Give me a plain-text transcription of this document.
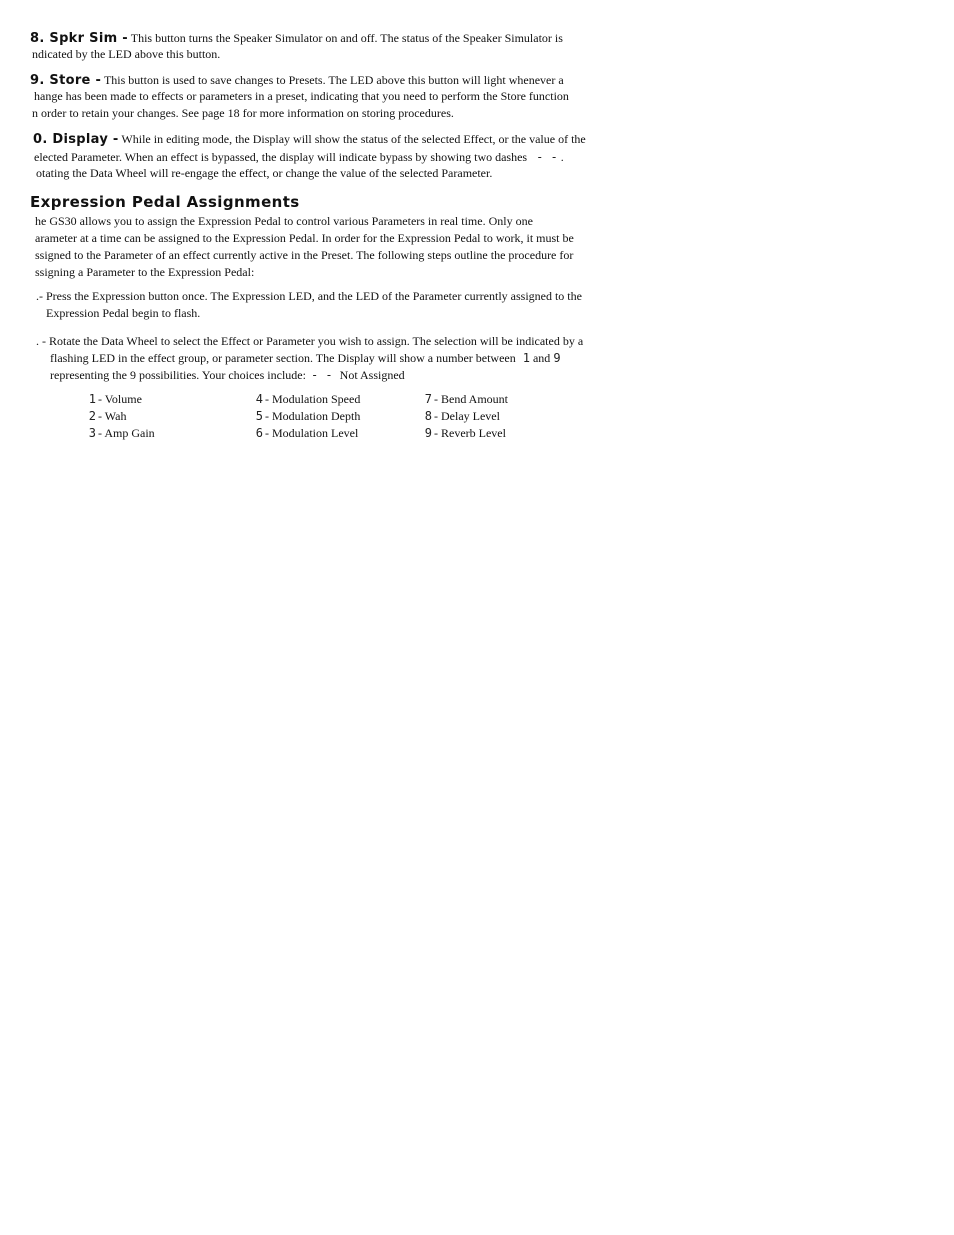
8. Spkr Sim - This button turns the Speaker Simulator on and off. The status of the Speaker Simulator is
ndicated by the LED above this button.
9. Store - This button is used to save changes to Presets. The LED above this button will light whenever a
hange has been made to effects or parameters in a preset, indicating that you need to perform the Store function
n order to retain your changes. See page 18 for more information on storing procedures.
0. Display - While in editing mode, the Display will show the status of the selected Effect, or the value of the
elected Parameter. When an effect is bypassed, the display will indicate bypass by showing two dashes - - .
otating the Data Wheel will re-engage the effect, or change the value of the selected Parameter.
Expression Pedal Assignments
he GS30 allows you to assign the Expression Pedal to control various Parameters in real time. Only one
arameter at a time can be assigned to the Expression Pedal. In order for the Expression Pedal to work, it must be
ssigned to the Parameter of an effect currently active in the Preset. The following steps outline the procedure for
ssigning a Parameter to the Expression Pedal:
.- Press the Expression button once. The Expression LED, and the LED of the Parameter currently assigned to the
Expression Pedal begin to flash.
. - Rotate the Data Wheel to select the Effect or Parameter you wish to assign. The selection will be indicated by a
flashing LED in the effect group, or parameter section. The Display will show a number between 1 and 9
representing the 9 possibilities. Your choices include: - - Not Assigned
1 - Volume
2 - Wah
3 - Amp Gain
4 - Modulation Speed
5 - Modulation Depth
6 - Modulation Level
7 - Bend Amount
8 - Delay Level
9 - Reverb Level
